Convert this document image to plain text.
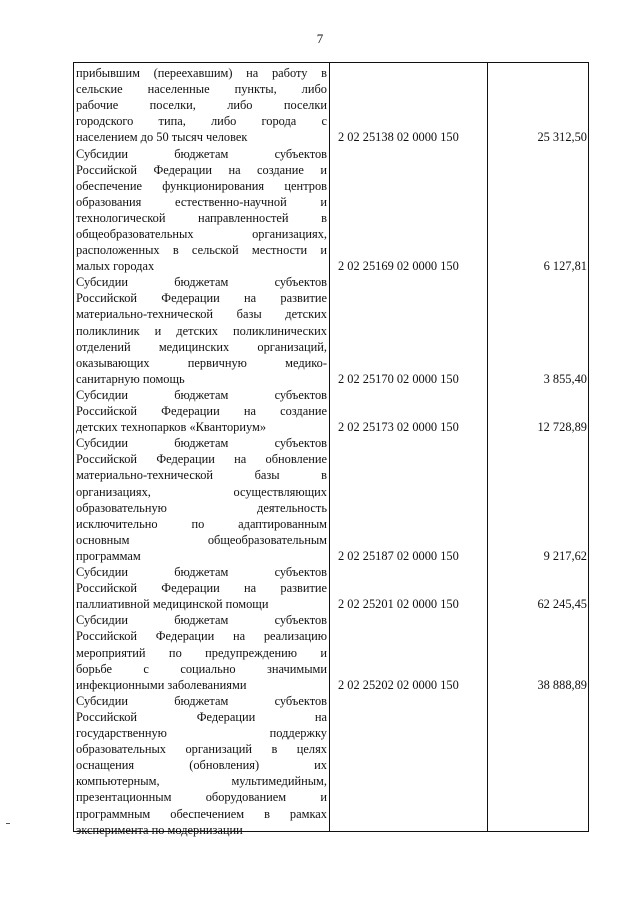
7
прибывшим (переехавшим) на работу в
сельские населенные пункты, либо
рабочие поселки, либо поселки
городского типа, либо города с
населением до 50 тысяч человек
Субсидии бюджетам субъектов
Российской Федерации на создание и
обеспечение функционирования центров
образования естественно-научной и
технологической направленностей в
общеобразовательных организациях,
расположенных в сельской местности и
малых городах
Субсидии бюджетам субъектов
Российской Федерации на развитие
материально-технической базы детских
поликлиник и детских поликлинических
отделений медицинских организаций,
оказывающих первичную медико-
санитарную помощь
Субсидии бюджетам субъектов
Российской Федерации на создание
детских технопарков «Кванториум»
Субсидии бюджетам субъектов
Российской Федерации на обновление
материально-технической базы в
организациях, осуществляющих
образовательную деятельность
исключительно по адаптированным
основным общеобразовательным
программам
Субсидии бюджетам субъектов
Российской Федерации на развитие
паллиативной медицинской помощи
Субсидии бюджетам субъектов
Российской Федерации на реализацию
мероприятий по предупреждению и
борьбе с социально значимыми
инфекционными заболеваниями
Субсидии бюджетам субъектов
Российской Федерации на
государственную поддержку
образовательных организаций в целях
оснащения (обновления) их
компьютерным, мультимедийным,
презентационным оборудованием и
программным обеспечением в рамках
эксперимента по модернизации
2 02 25138 02 0000 150
2 02 25169 02 0000 150
2 02 25170 02 0000 150
2 02 25173 02 0000 150
2 02 25187 02 0000 150
2 02 25201 02 0000 150
2 02 25202 02 0000 150
25 312,50
6 127,81
3 855,40
12 728,89
9 217,62
62 245,45
38 888,89
